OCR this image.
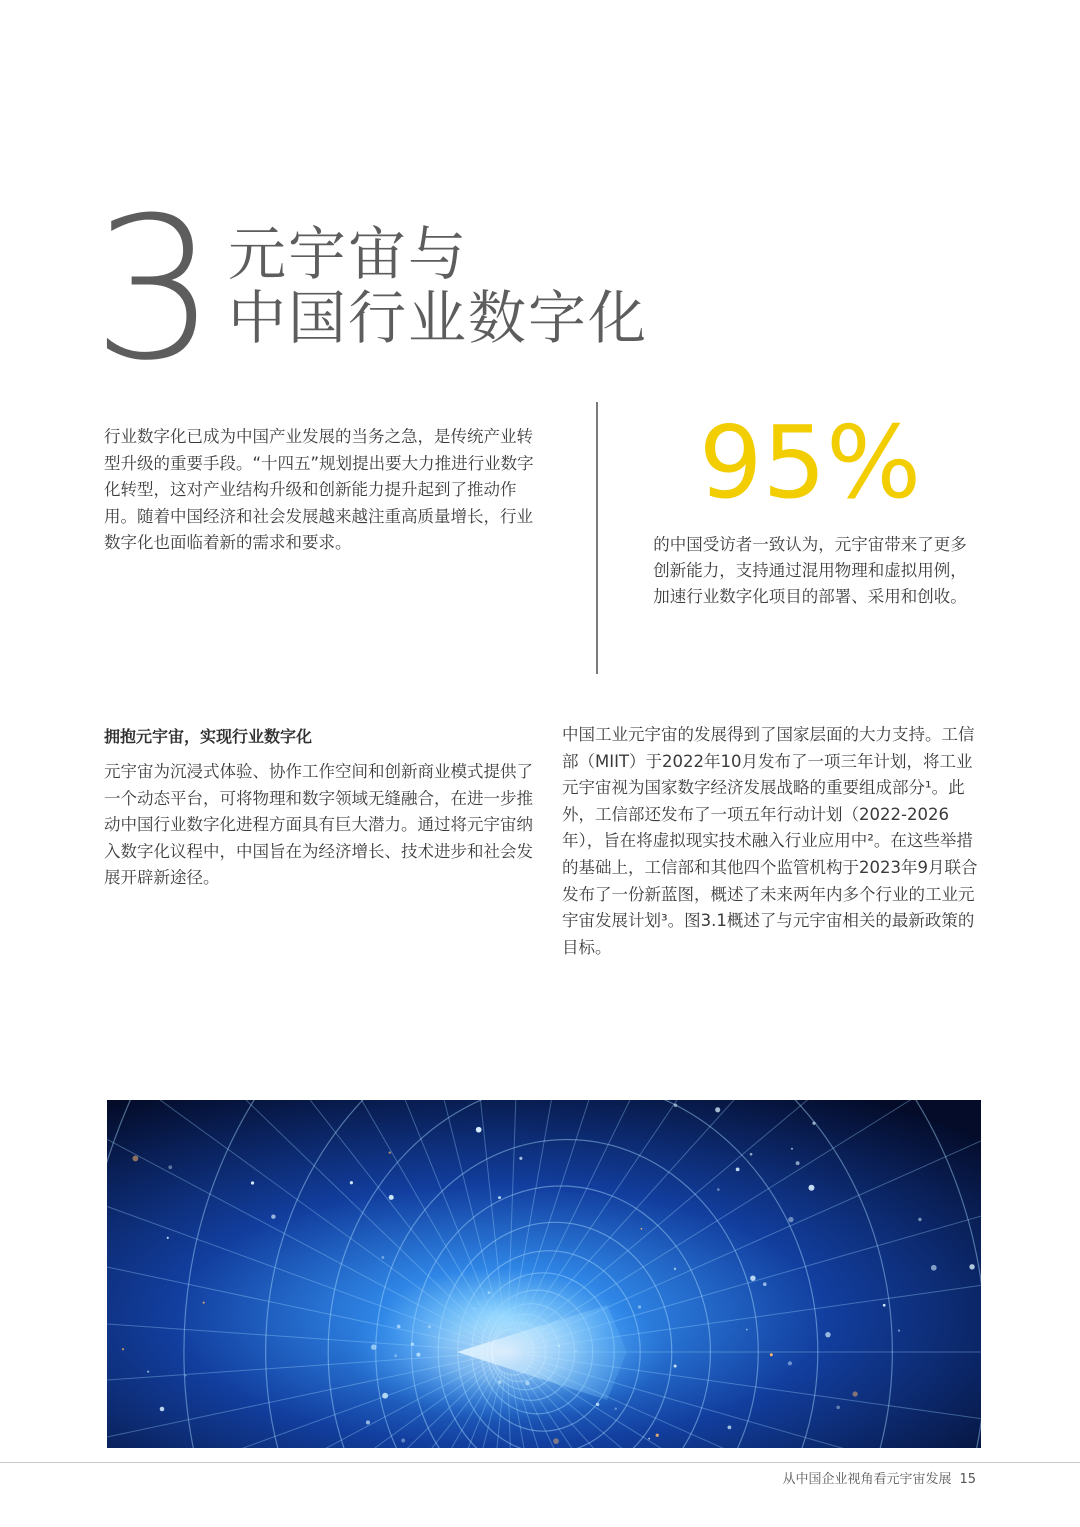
3 元宇宙与
中国行业数字化
行业数字化已成为中国产业发展的当务之急，是传统产业转型升级的重要手段。“十四五”规划提出要大力推进行业数字化转型，这对产业结构升级和创新能力提升起到了推动作用。随着中国经济和社会发展越来越注重高质量增长，行业数字化也面临着新的需求和要求。
95%
的中国受访者一致认为，元宇宙带来了更多创新能力，支持通过混用物理和虚拟用例，加速行业数字化项目的部署、采用和创收。
拥抱元宇宙，实现行业数字化
元宇宙为沉浸式体验、协作工作空间和创新商业模式提供了一个动态平台，可将物理和数字领域无缝融合，在进一步推动中国行业数字化进程方面具有巨大潜力。通过将元宇宙纳入数字化议程中，中国旨在为经济增长、技术进步和社会发展开辟新途径。
中国工业元宇宙的发展得到了国家层面的大力支持。工信部（MIIT）于2022年10月发布了一项三年计划，将工业元宇宙视为国家数字经济发展战略的重要组成部分¹。此外，工信部还发布了一项五年行动计划（2022-2026年），旨在将虚拟现实技术融入行业应用中²。在这些举措的基础上，工信部和其他四个监管机构于2023年9月联合发布了一份新蓝图，概述了未来两年内多个行业的工业元宇宙发展计划³。图3.1概述了与元宇宙相关的最新政策的目标。
从中国企业视角看元宇宙发展 15
